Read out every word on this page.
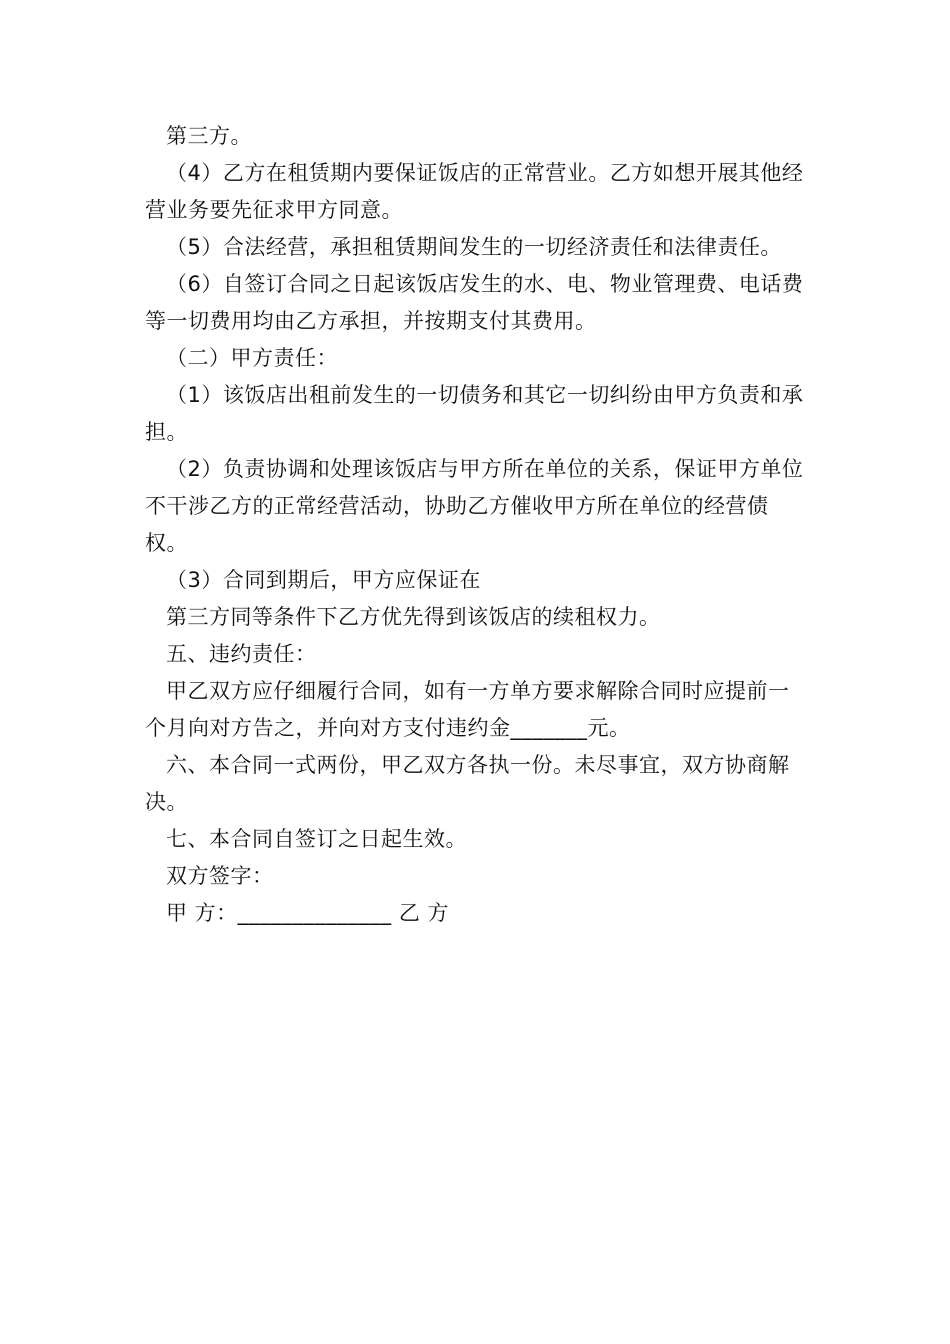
第三方。

（4）乙方在租赁期内要保证饭店的正常营业。乙方如想开展其他经营业务要先征求甲方同意。

（5）合法经营，承担租赁期间发生的一切经济责任和法律责任。

（6）自签订合同之日起该饭店发生的水、电、物业管理费、电话费等一切费用均由乙方承担，并按期支付其费用。

（二）甲方责任：

（1）该饭店出租前发生的一切债务和其它一切纠纷由甲方负责和承担。

（2）负责协调和处理该饭店与甲方所在单位的关系，保证甲方单位不干涉乙方的正常经营活动，协助乙方催收甲方所在单位的经营债权。

（3）合同到期后，甲方应保证在

第三方同等条件下乙方优先得到该饭店的续租权力。

五、违约责任：

甲乙双方应仔细履行合同，如有一方单方要求解除合同时应提前一个月向对方告之，并向对方支付违约金_______元。

六、本合同一式两份，甲乙双方各执一份。未尽事宜，双方协商解决。

七、本合同自签订之日起生效。

双方签字：

甲 方：______________ 乙 方
